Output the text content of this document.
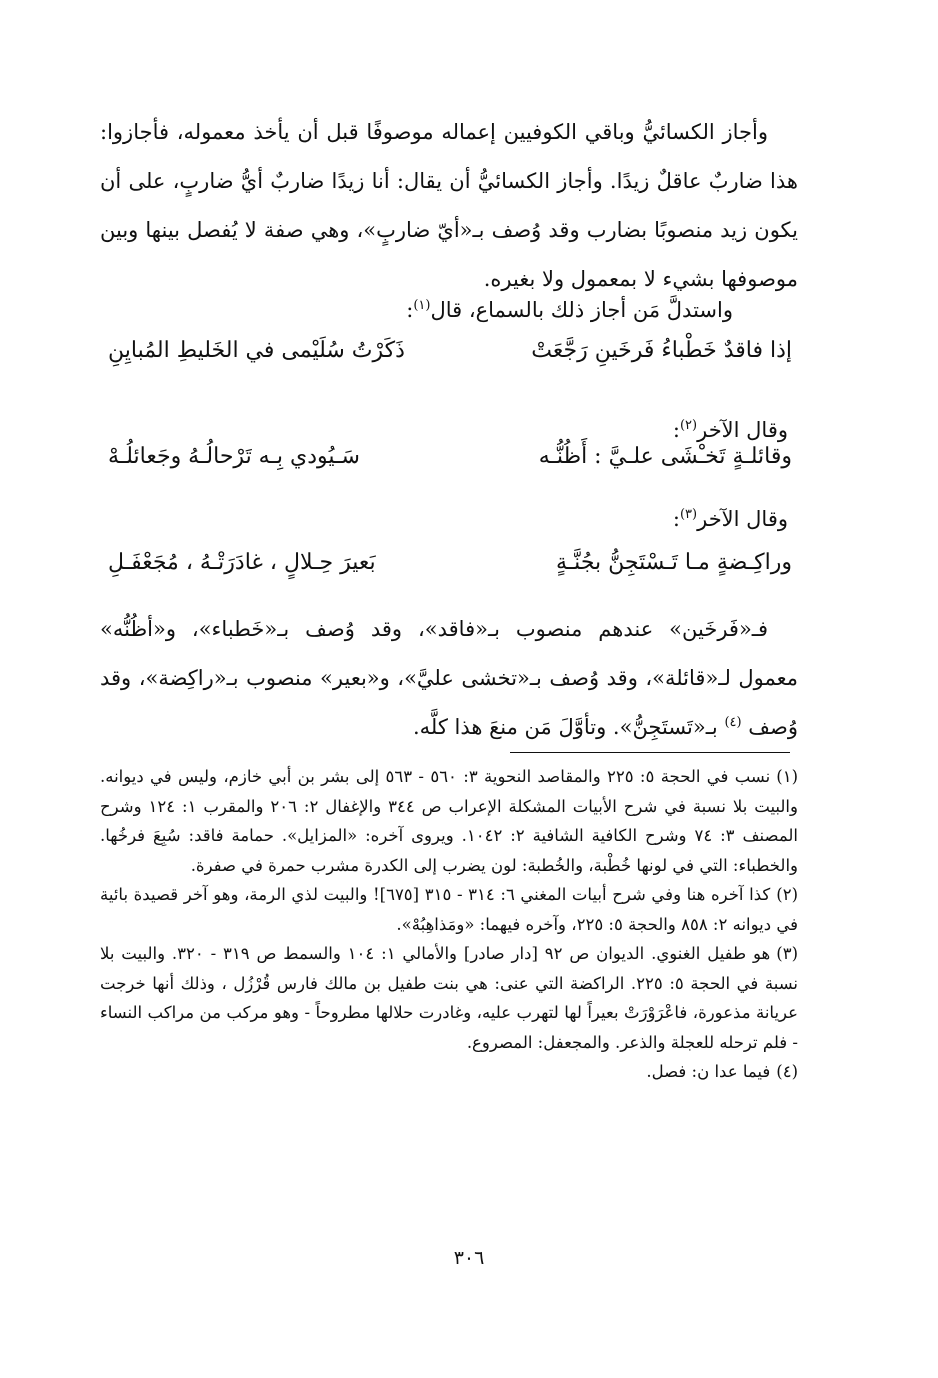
وأجاز الكسائيُّ وباقي الكوفيين إعماله موصوفًا قبل أن يأخذ معموله، فأجازوا: هذا ضاربٌ عاقلٌ زيدًا. وأجاز الكسائيُّ أن يقال: أنا زيدًا ضاربٌ أيُّ ضاربٍ، على أن يكون زيد منصوبًا بضارب وقد وُصف بـ«أيّ ضاربٍ»، وهي صفة لا يُفصل بينها وبين موصوفها بشيء لا بمعمول ولا بغيره.

واستدلَّ مَن أجاز ذلك بالسماع، قال$^{(١)}$:
إذا فاقدٌ خَطْباءُ فَرخَينِ رَجَّعَتْ
ذَكَرْتُ سُلَيْمى في الخَليطِ المُبايِنِ
وقال الآخر$^{(٢)}$:
وقائلـةٍ تَخـْشَى علـيَّ : أَظُنُّـه
سَـيُودي بِـه تَرْحالُـهُ وجَعائلُـهْ
وقال الآخر$^{(٣)}$:
وراكِـضةٍ مـا تَـسْتَجِنُّ بجُنَّـةٍ
بَعيرَ حِـلالٍ ، غادَرَتْـهُ ، مُجَعْفَـلِ

فـ«فَرخَين» عندهم منصوب بـ«فاقد»، وقد وُصف بـ«خَطباء»، و«أظُنُّه» معمول لـ«قائلة»، وقد وُصف بـ«تخشى عليَّ»، و«بعير» منصوب بـ«راكِضة»، وقد وُصف $^{(٤)}$ بـ«تَستَجِنُّ». وتأوَّلَ مَن منعَ هذا كلَّه.

(١)نسب في الحجة ٥: ٢٢٥ والمقاصد النحوية ٣: ٥٦٠ - ٥٦٣ إلى بشر بن أبي خازم، وليس في ديوانه. والبيت بلا نسبة في شرح الأبيات المشكلة الإعراب ص ٣٤٤ والإغفال ٢: ٢٠٦ والمقرب ١: ١٢٤ وشرح المصنف ٣: ٧٤ وشرح الكافية الشافية ٢: ١٠٤٢. ويروى آخره: «المزايل». حمامة فاقد: سُبِعَ فرخُها. والخطباء: التي في لونها خُطْبة، والخُطبة: لون يضرب إلى الكدرة مشرب حمرة في صفرة.

(٢)كذا آخره هنا وفي شرح أبيات المغني ٦: ٣١٤ - ٣١٥ [٦٧٥]! والبيت لذي الرمة، وهو آخر قصيدة بائية في ديوانه ٢: ٨٥٨ والحجة ٥: ٢٢٥، وآخره فيهما: «ومَذاهِبُهْ».

(٣)هو طفيل الغنوي. الديوان ص ٩٢ [دار صادر] والأمالي ١: ١٠٤ والسمط ص ٣١٩ - ٣٢٠. والبيت بلا نسبة في الحجة ٥: ٢٢٥. الراكضة التي عنى: هي بنت طفيل بن مالك فارس قُرْزُل ، وذلك أنها خرجت عريانة مذعورة، فاعْرَوْرَتْ بعيراً لها لتهرب عليه، وغادرت حلالها مطروحاً - وهو مركب من مراكب النساء - فلم ترحله للعجلة والذعر. والمجعفل: المصروع.

(٤)فيما عدا ن: فصل.

٣٠٦
